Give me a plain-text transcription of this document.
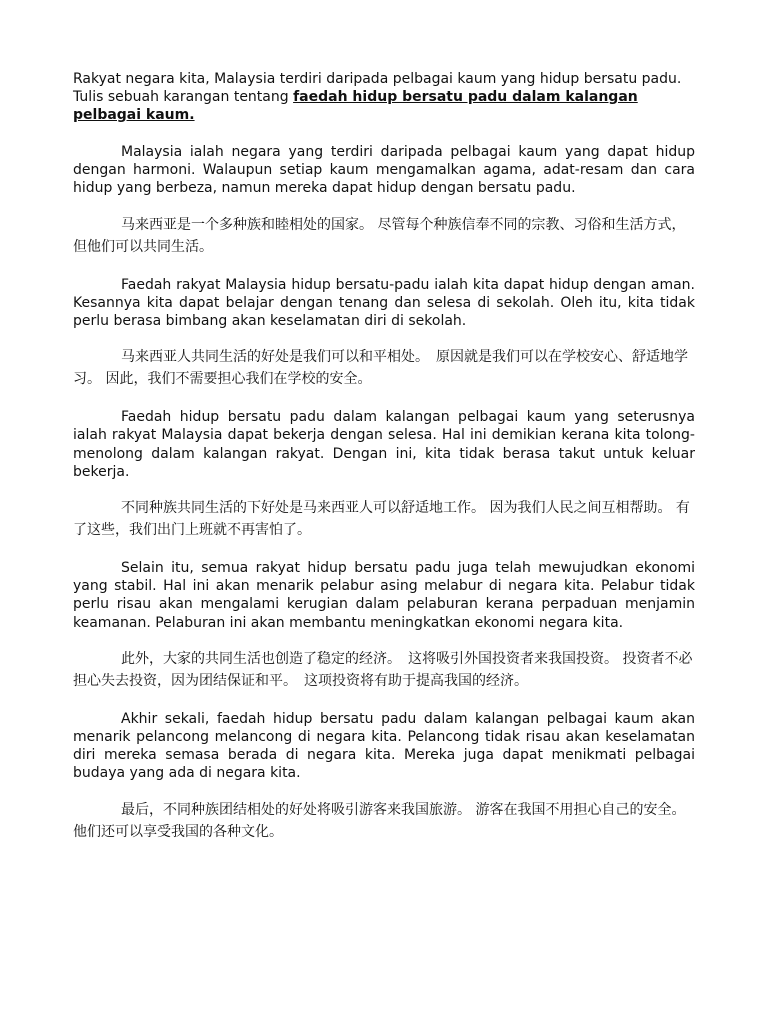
Rakyat negara kita, Malaysia terdiri daripada pelbagai kaum yang hidup bersatu padu.
Tulis sebuah karangan tentang faedah hidup bersatu padu dalam kalangan pelbagai kaum.

Malaysia ialah negara yang terdiri daripada pelbagai kaum yang dapat hidup dengan harmoni. Walaupun setiap kaum mengamalkan agama, adat-resam dan cara hidup yang berbeza, namun mereka dapat hidup dengan bersatu padu.

马来西亚是一个多种族和睦相处的国家。 尽管每个种族信奉不同的宗教、习俗和生活方式，但他们可以共同生活。

Faedah rakyat Malaysia hidup bersatu-padu ialah kita dapat hidup dengan aman. Kesannya kita dapat belajar dengan tenang dan selesa di sekolah. Oleh itu, kita tidak perlu berasa bimbang akan keselamatan diri di sekolah.

马来西亚人共同生活的好处是我们可以和平相处。　原因就是我们可以在学校安心、舒适地学习。 因此，我们不需要担心我们在学校的安全。

Faedah hidup bersatu padu dalam kalangan pelbagai kaum yang seterusnya ialah rakyat Malaysia dapat bekerja dengan selesa. Hal ini demikian kerana kita tolong-menolong dalam kalangan rakyat. Dengan ini, kita tidak berasa takut untuk keluar bekerja.

不同种族共同生活的下好处是马来西亚人可以舒适地工作。 因为我们人民之间互相帮助。 有了这些，我们出门上班就不再害怕了。

Selain itu, semua rakyat hidup bersatu padu juga telah mewujudkan ekonomi yang stabil. Hal ini akan menarik pelabur asing melabur di negara kita. Pelabur tidak perlu risau akan mengalami kerugian dalam pelaburan kerana perpaduan menjamin keamanan. Pelaburan ini akan membantu meningkatkan ekonomi negara kita.

此外，大家的共同生活也创造了稳定的经济。　这将吸引外国投资者来我国投资。 投资者不必担心失去投资，因为团结保证和平。　这项投资将有助于提高我国的经济。

Akhir sekali, faedah hidup bersatu padu dalam kalangan pelbagai kaum akan menarik pelancong melancong di negara kita. Pelancong tidak risau akan keselamatan diri mereka semasa berada di negara kita. Mereka juga dapat menikmati pelbagai budaya yang ada di negara kita.

最后，不同种族团结相处的好处将吸引游客来我国旅游。 游客在我国不用担心自己的安全。 他们还可以享受我国的各种文化。
